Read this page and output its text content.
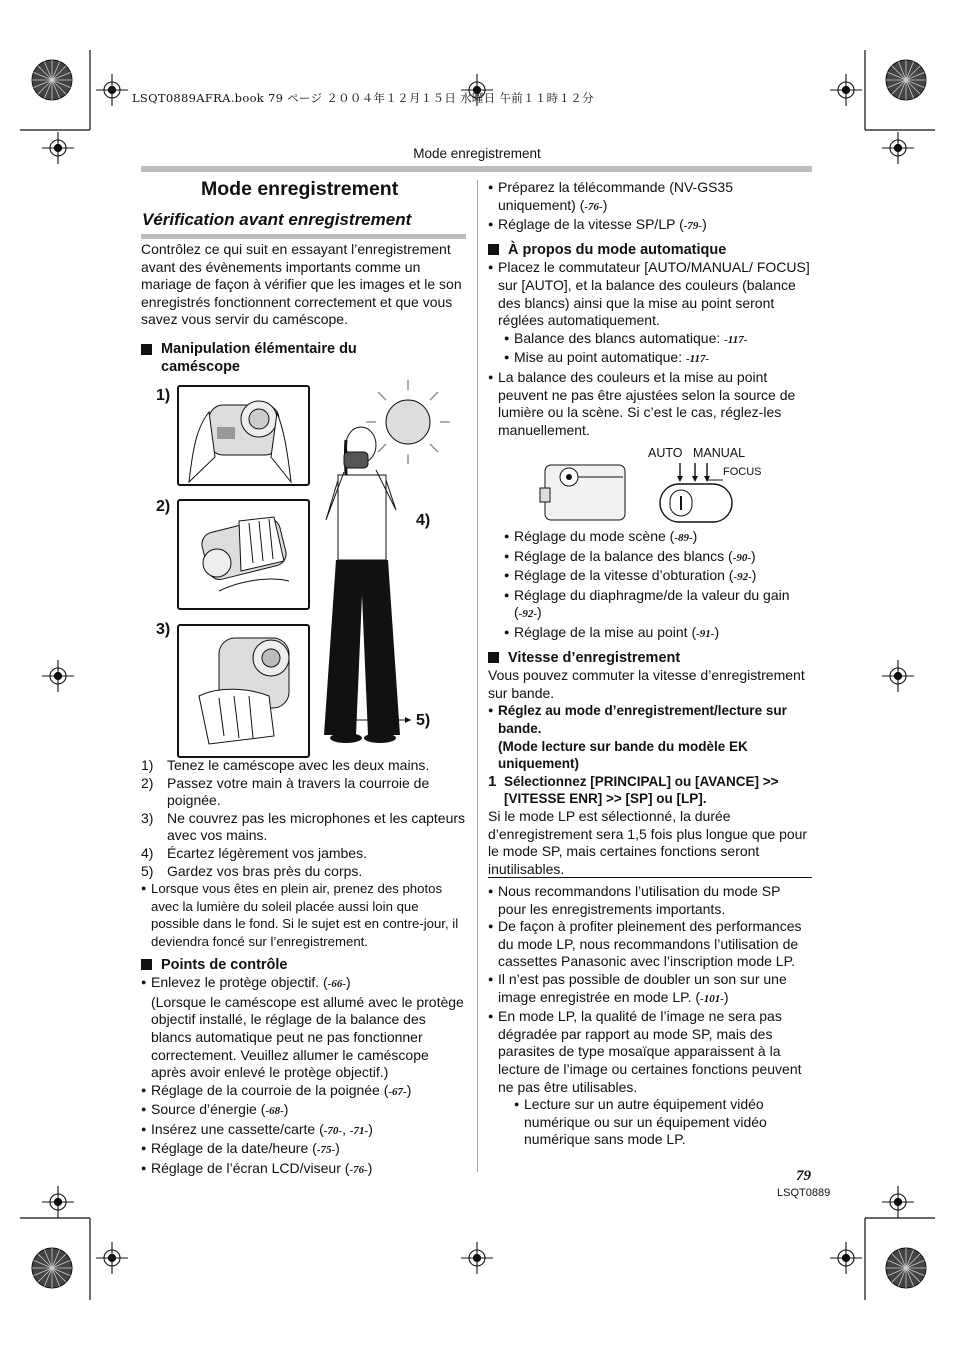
LSQT0889AFRA.book 79 ページ ２００４年１２月１５日 水曜日 午前１１時１２分
Mode enregistrement
Mode enregistrement
Vérification avant enregistrement

Contrôlez ce qui suit en essayant l’enregistrement avant des évènements importants comme un mariage de façon à vérifier que les images et le son enregistrés fonctionnent correctement et que vous savez vous servir du caméscope.

Manipulation élémentaire du caméscope
1)
2)
3)
4)
5)
1) Tenez le caméscope avec les deux mains.
2) Passez votre main à travers la courroie de poignée.
3) Ne couvrez pas les microphones et les capteurs avec vos mains.
4) Écartez légèrement vos jambes.
5) Gardez vos bras près du corps.
● Lorsque vous êtes en plein air, prenez des photos avec la lumière du soleil placée aussi loin que possible dans le fond. Si le sujet est en contre-jour, il deviendra foncé sur l’enregistrement.
Points de contrôle
● Enlevez le protège objectif. (-66-)
(Lorsque le caméscope est allumé avec le protège objectif installé, le réglage de la balance des blancs automatique peut ne pas fonctionner correctement. Veuillez allumer le caméscope après avoir enlevé le protège objectif.)
● Réglage de la courroie de la poignée (-67-)
● Source d’énergie (-68-)
● Insérez une cassette/carte (-70-, -71-)
● Réglage de la date/heure (-75-)
● Réglage de l’écran LCD/viseur (-76-)
● Préparez la télécommande (NV-GS35 uniquement) (-76-)
● Réglage de la vitesse SP/LP (-79-)
À propos du mode automatique
● Placez le commutateur [AUTO/MANUAL/ FOCUS] sur [AUTO], et la balance des couleurs (balance des blancs) ainsi que la mise au point seront réglées automatiquement.
● Balance des blancs automatique: -117-
● Mise au point automatique: -117-
● La balance des couleurs et la mise au point peuvent ne pas être ajustées selon la source de lumière ou la scène. Si c’est le cas, réglez-les manuellement.
AUTO MANUAL
FOCUS
● Réglage du mode scène (-89-)
● Réglage de la balance des blancs (-90-)
● Réglage de la vitesse d’obturation (-92-)
● Réglage du diaphragme/de la valeur du gain (-92-)
● Réglage de la mise au point (-91-)
Vitesse d’enregistrement

Vous pouvez commuter la vitesse d’enregistrement sur bande.

● Réglez au mode d’enregistrement/lecture sur bande.
(Mode lecture sur bande du modèle EK uniquement)
1 Sélectionnez [PRINCIPAL] ou [AVANCE] >> [VITESSE ENR] >> [SP] ou [LP].

Si le mode LP est sélectionné, la durée d’enregistrement sera 1,5 fois plus longue que pour le mode SP, mais certaines fonctions seront inutilisables.

● Nous recommandons l’utilisation du mode SP pour les enregistrements importants.
● De façon à profiter pleinement des performances du mode LP, nous recommandons l’utilisation de cassettes Panasonic avec l’inscription mode LP.
● Il n’est pas possible de doubler un son sur une image enregistrée en mode LP. (-101-)
● En mode LP, la qualité de l’image ne sera pas dégradée par rapport au mode SP, mais des parasites de type mosaïque apparaissent à la lecture de l’image ou certaines fonctions peuvent ne pas être utilisables.
● Lecture sur un autre équipement vidéo numérique ou sur un équipement vidéo numérique sans mode LP.
79
LSQT0889
